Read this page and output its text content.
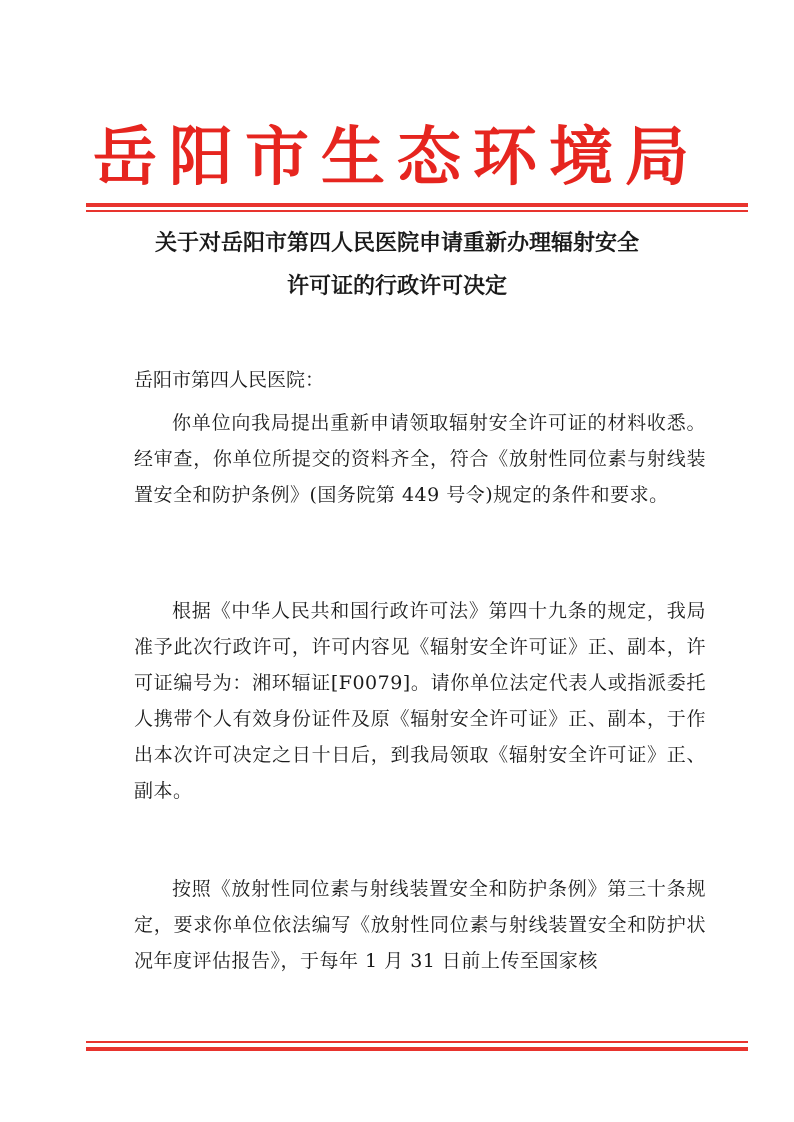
岳阳市生态环境局
关于对岳阳市第四人民医院申请重新办理辐射安全
许可证的行政许可决定
岳阳市第四人民医院：
你单位向我局提出重新申请领取辐射安全许可证的材料收悉。经审查，你单位所提交的资料齐全，符合《放射性同位素与射线装置安全和防护条例》(国务院第 449 号令)规定的条件和要求。
根据《中华人民共和国行政许可法》第四十九条的规定，我局准予此次行政许可，许可内容见《辐射安全许可证》正、副本，许可证编号为：湘环辐证[F0079]。请你单位法定代表人或指派委托人携带个人有效身份证件及原《辐射安全许可证》正、副本，于作出本次许可决定之日十日后，到我局领取《辐射安全许可证》正、副本。
按照《放射性同位素与射线装置安全和防护条例》第三十条规定，要求你单位依法编写《放射性同位素与射线装置安全和防护状况年度评估报告》，于每年 1 月 31 日前上传至国家核
